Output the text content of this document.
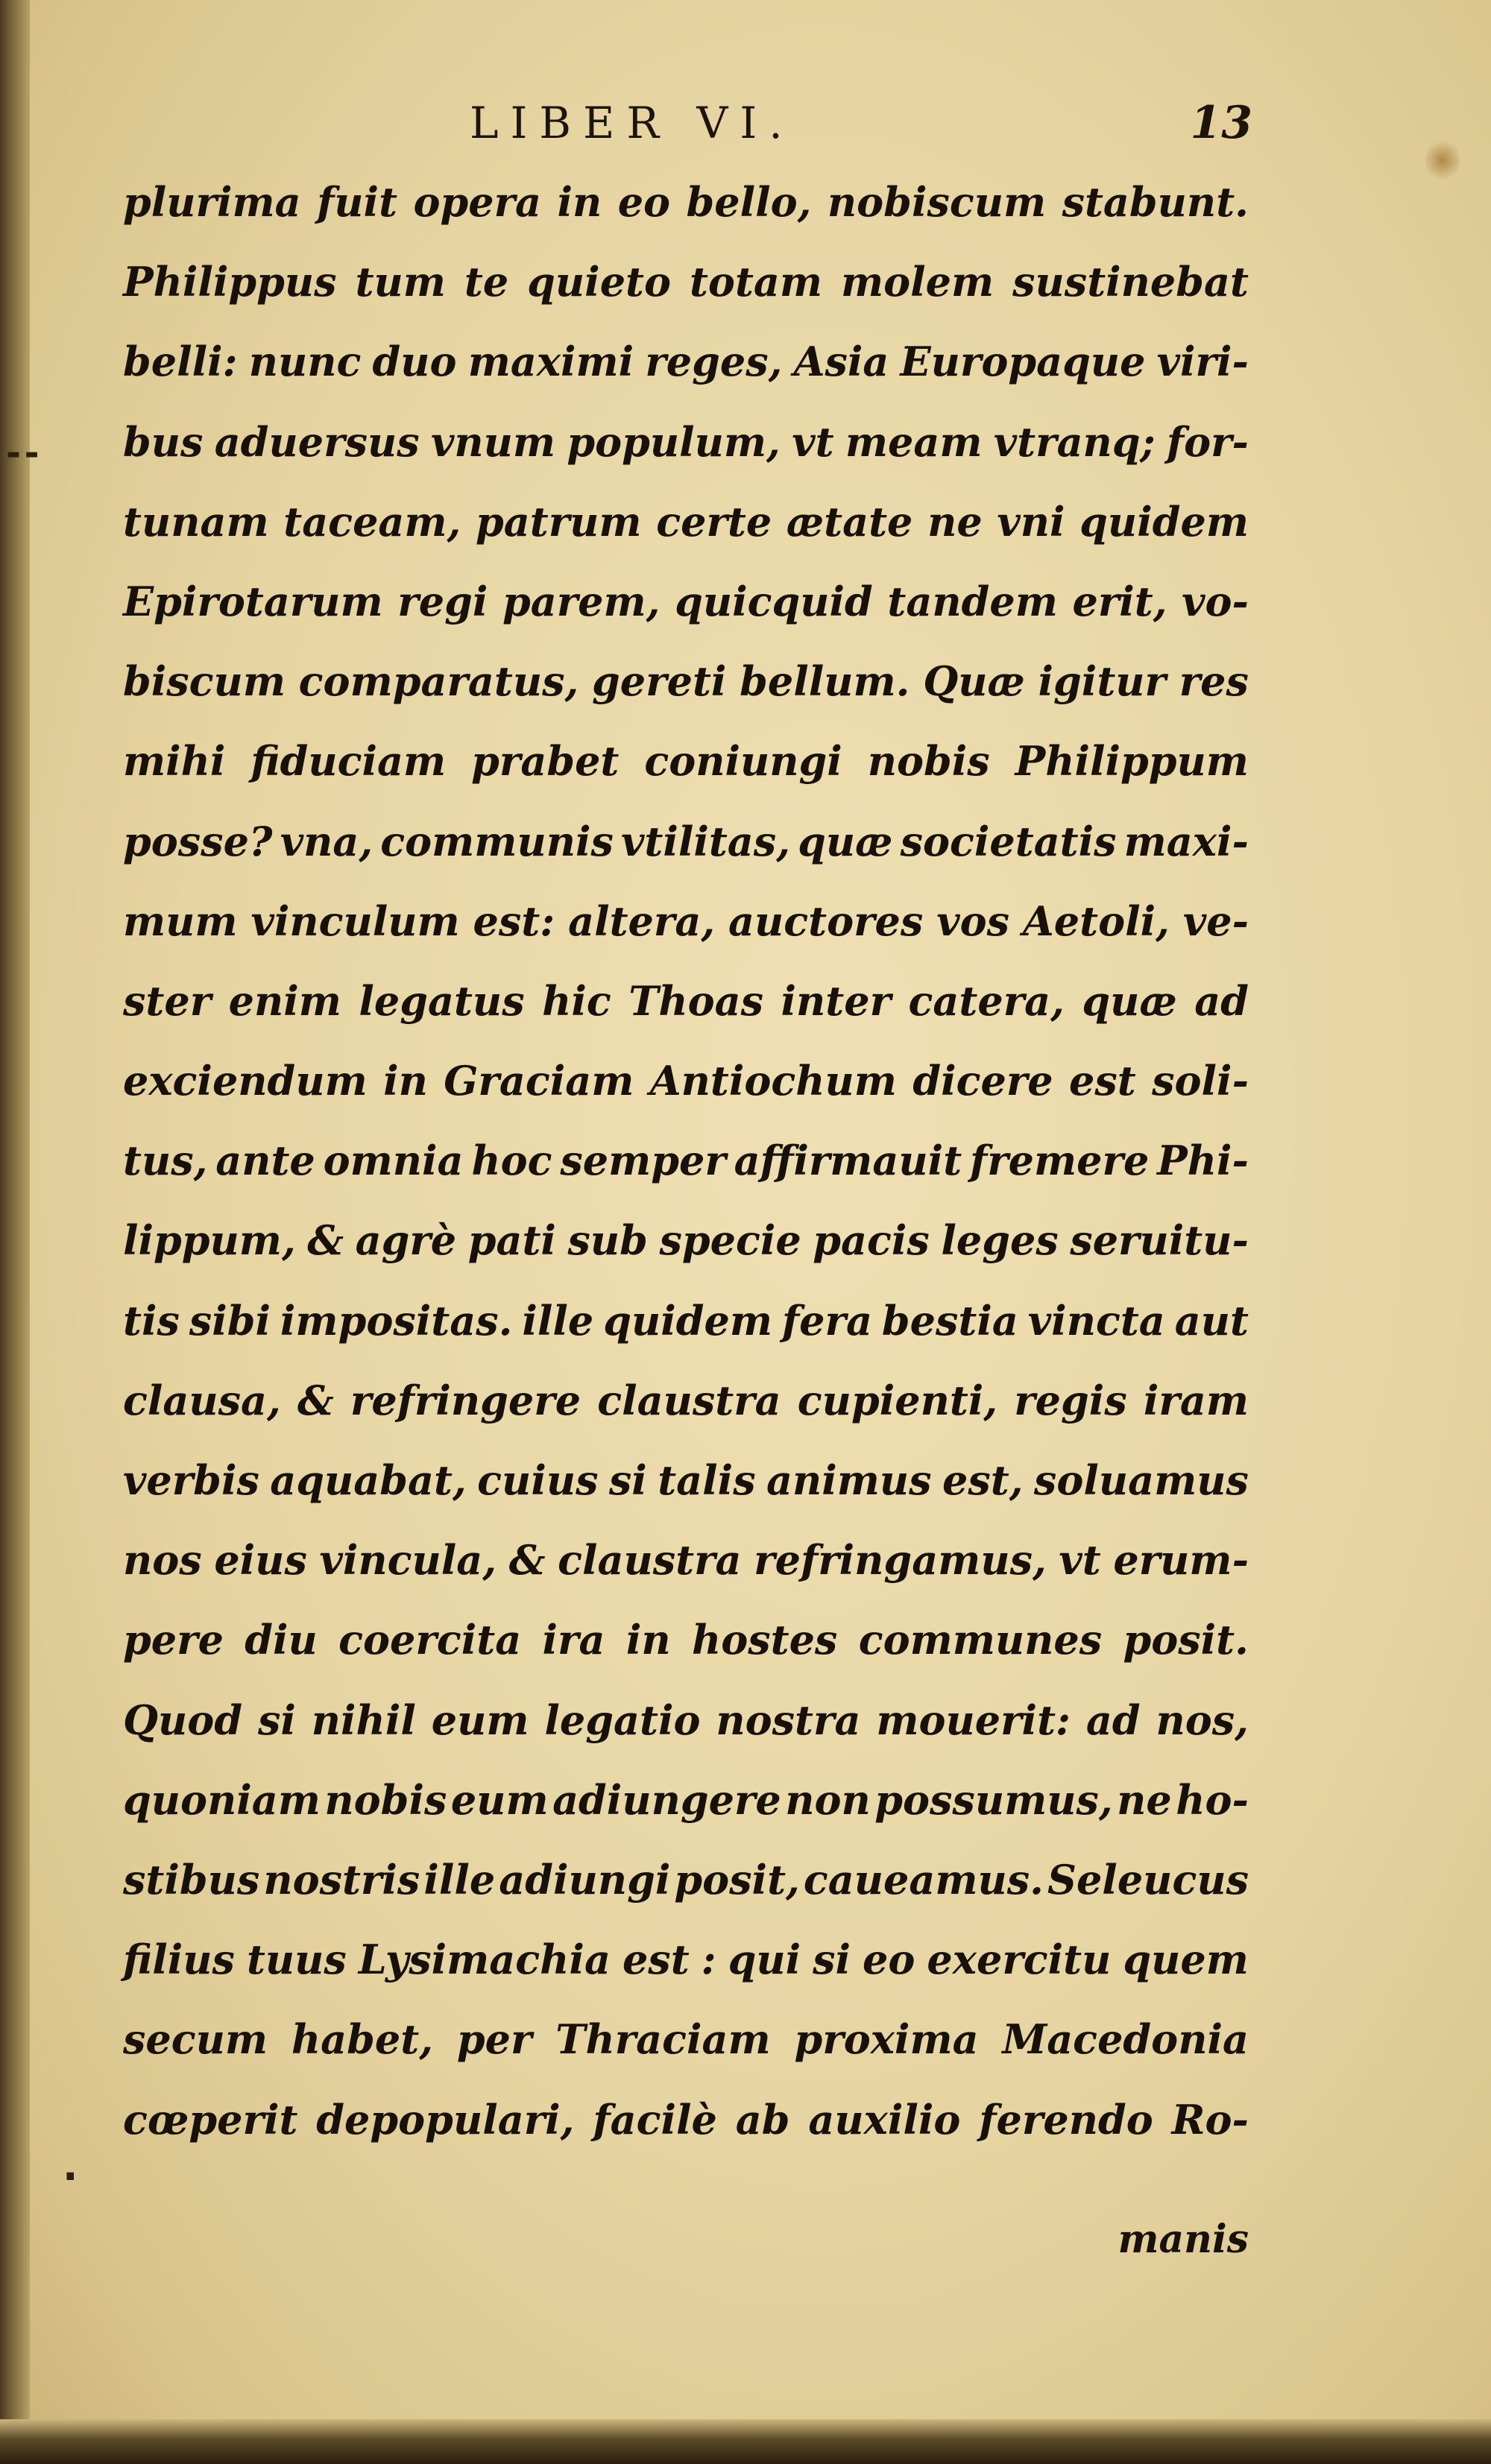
LIBER VI.	13
- -
.
plurima fuit opera in eo bello, nobiscum stabunt.
Philippus tum te quieto totam molem sustinebat
belli: nunc duo maximi reges, Asia Europaque viri-
bus aduersus vnum populum, vt meam vtranq; for-
tunam taceam, patrum certe ætate ne vni quidem
Epirotarum regi parem, quicquid tandem erit, vo-
biscum comparatus, gereti bellum. Quæ igitur res
mihi fiduciam prabet coniungi nobis Philippum
posse? vna, communis vtilitas, quæ societatis maxi-
mum vinculum est: altera, auctores vos Aetoli, ve-
ster enim legatus hic Thoas inter catera, quæ ad
exciendum in Graciam Antiochum dicere est soli-
tus, ante omnia hoc semper affirmauit fremere Phi-
lippum, & agrè pati sub specie pacis leges seruitu-
tis sibi impositas. ille quidem fera bestia vincta aut
clausa, & refringere claustra cupienti, regis iram
verbis aquabat, cuius si talis animus est, soluamus
nos eius vincula, & claustra refringamus, vt erum-
pere diu coercita ira in hostes communes posit.
Quod si nihil eum legatio nostra mouerit: ad nos,
quoniam nobis eum adiungere non possumus, ne ho-
stibus nostris ille adiungi posit, caueamus. Seleucus
filius tuus Lysimachia est : qui si eo exercitu quem
secum habet, per Thraciam proxima Macedonia
cœperit depopulari, facilè ab auxilio ferendo Ro-
manis
